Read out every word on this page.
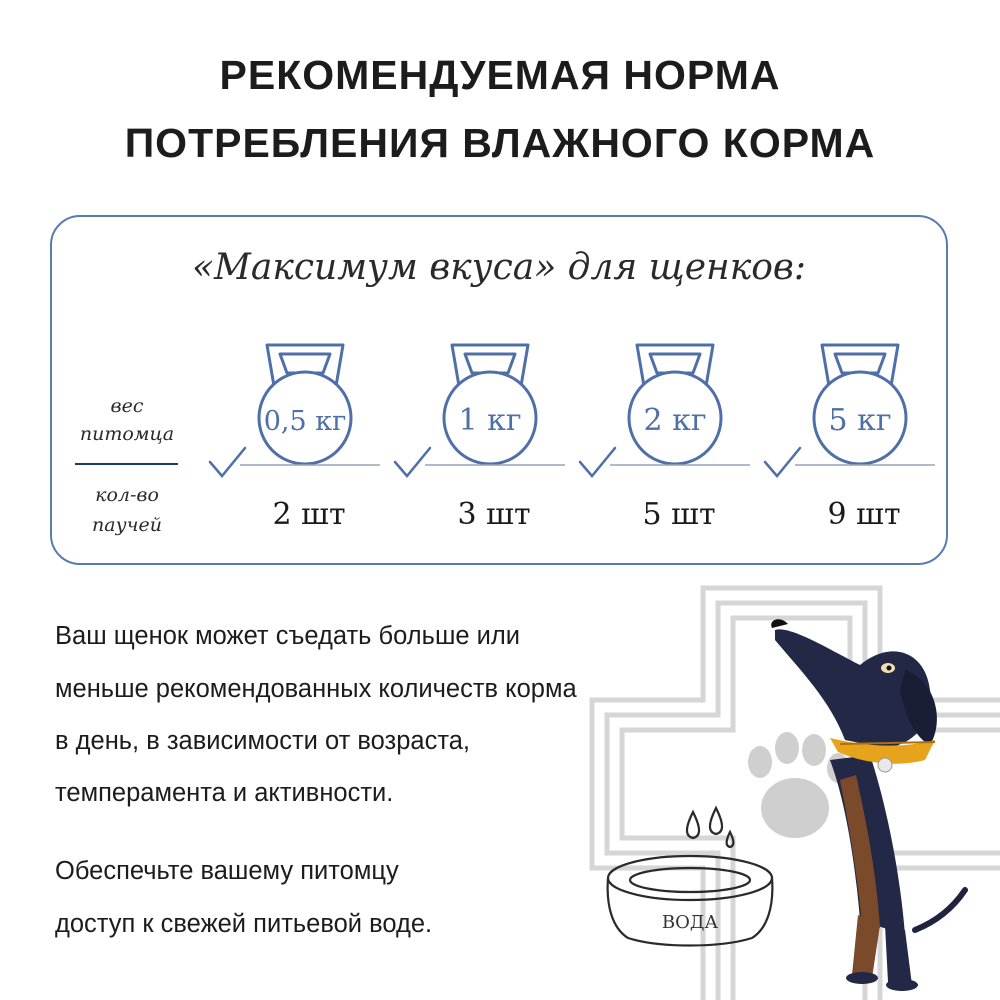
ВОДА
РЕКОМЕНДУЕМАЯ НОРМА
ПОТРЕБЛЕНИЯ ВЛАЖНОГО КОРМА
«Максимум вкуса» для щенков:
вес
питомца
кол-во
паучей
0,5 кг	1 кг	2 кг	5 кг
2 шт	3 шт	5 шт	9 шт
Ваш щенок может съедать больше или
меньше рекомендованных количеств корма
в день, в зависимости от возраста,
темперамента и активности.
Обеспечьте вашему питомцу
доступ к свежей питьевой воде.
